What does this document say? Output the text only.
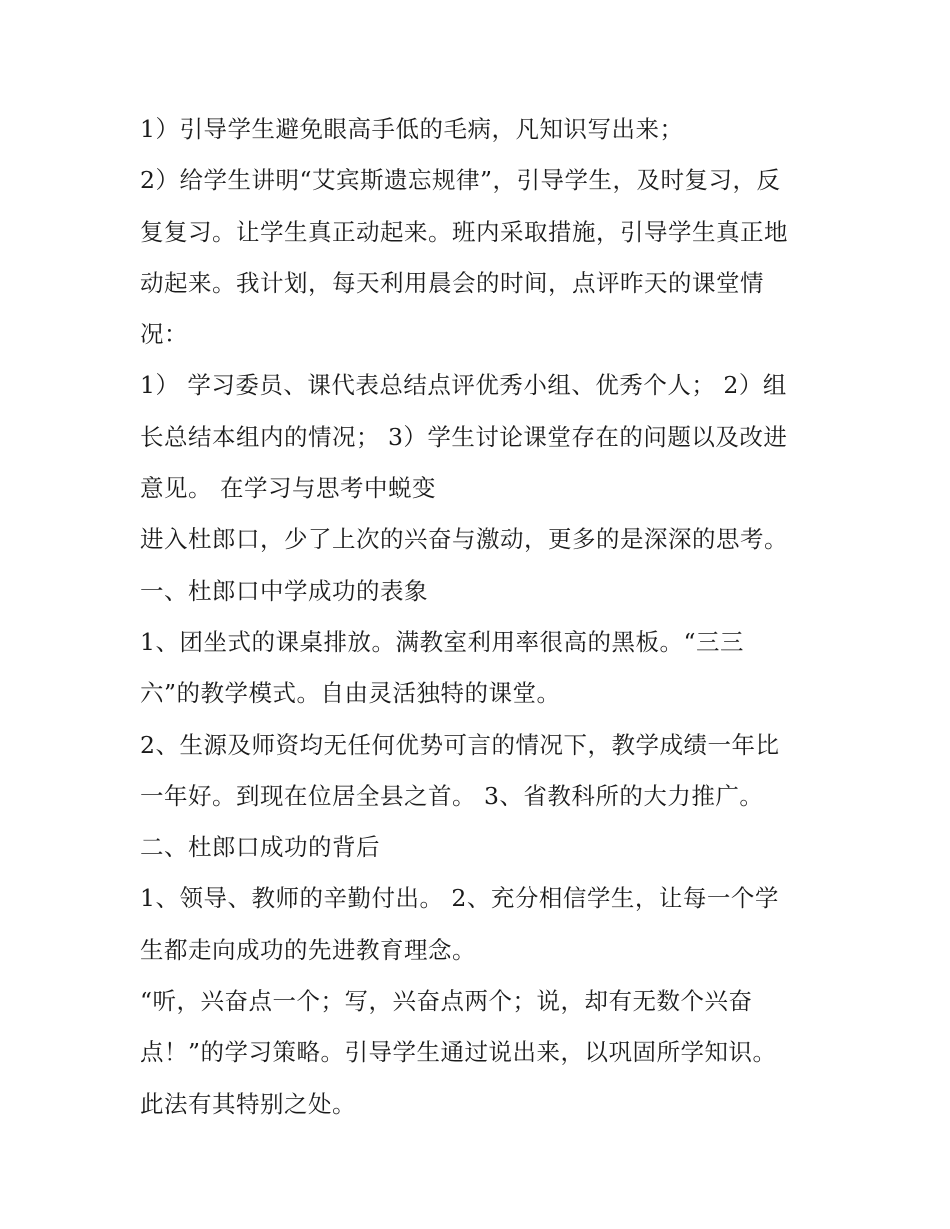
1）引导学生避免眼高手低的毛病，凡知识写出来；
2）给学生讲明“艾宾斯遗忘规律”，引导学生，及时复习，反
复复习。让学生真正动起来。班内采取措施，引导学生真正地
动起来。我计划，每天利用晨会的时间，点评昨天的课堂情
况：
1） 学习委员、课代表总结点评优秀小组、优秀个人； 2）组
长总结本组内的情况； 3）学生讨论课堂存在的问题以及改进
意见。 在学习与思考中蜕变
进入杜郎口，少了上次的兴奋与激动，更多的是深深的思考。
一、杜郎口中学成功的表象
1、团坐式的课桌排放。满教室利用率很高的黑板。“三三
六”的教学模式。自由灵活独特的课堂。
2、生源及师资均无任何优势可言的情况下，教学成绩一年比
一年好。到现在位居全县之首。 3、省教科所的大力推广。
二、杜郎口成功的背后
1、领导、教师的辛勤付出。 2、充分相信学生，让每一个学
生都走向成功的先进教育理念。
“听，兴奋点一个；写，兴奋点两个；说，却有无数个兴奋
点！”的学习策略。引导学生通过说出来，以巩固所学知识。
此法有其特别之处。
